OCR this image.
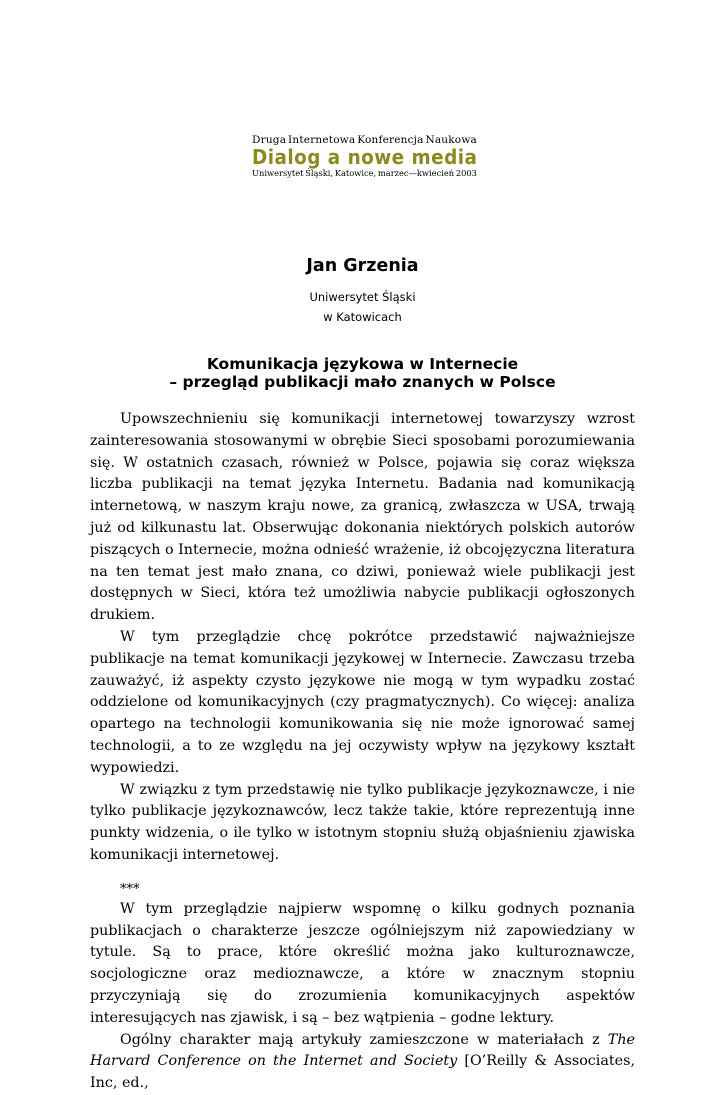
Druga Internetowa Konferencja Naukowa
Dialog a nowe media
Uniwersytet Śląski, Katowice, marzec—kwiecień 2003
Jan Grzenia
Uniwersytet Śląski
w Katowicach
Komunikacja językowa w Internecie
– przegląd publikacji mało znanych w Polsce

Upowszechnieniu się komunikacji internetowej towarzyszy wzrost zainteresowania stosowanymi w obrębie Sieci sposobami porozumiewania się. W ostatnich czasach, również w Polsce, pojawia się coraz większa liczba publikacji na temat języka Internetu. Badania nad komunikacją internetową, w naszym kraju nowe, za granicą, zwłaszcza w USA, trwają już od kilkunastu lat. Obserwując dokonania niektórych polskich autorów piszących o Internecie, można odnieść wrażenie, iż obcojęzyczna literatura na ten temat jest mało znana, co dziwi, ponieważ wiele publikacji jest dostępnych w Sieci, która też umożliwia nabycie publikacji ogłoszonych drukiem.

W tym przeglądzie chcę pokrótce przedstawić najważniejsze publikacje na temat komunikacji językowej w Internecie. Zawczasu trzeba zauważyć, iż aspekty czysto językowe nie mogą w tym wypadku zostać oddzielone od komunikacyjnych (czy pragmatycznych). Co więcej: analiza opartego na technologii komunikowania się nie może ignorować samej technologii, a to ze względu na jej oczywisty wpływ na językowy kształt wypowiedzi.

W związku z tym przedstawię nie tylko publikacje językoznawcze, i nie tylko publikacje językoznawców, lecz także takie, które reprezentują inne punkty widzenia, o ile tylko w istotnym stopniu służą objaśnieniu zjawiska komunikacji internetowej.

***

W tym przeglądzie najpierw wspomnę o kilku godnych poznania publikacjach o charakterze jeszcze ogólniejszym niż zapowiedziany w tytule. Są to prace, które określić można jako kulturoznawcze, socjologiczne oraz medioznawcze, a które w znacznym stopniu przyczyniają się do zrozumienia komunikacyjnych aspektów interesujących nas zjawisk, i są – bez wątpienia – godne lektury.

Ogólny charakter mają artykuły zamieszczone w materiałach z The Harvard Conference on the Internet and Society [O’Reilly & Associates, Inc, ed.,
